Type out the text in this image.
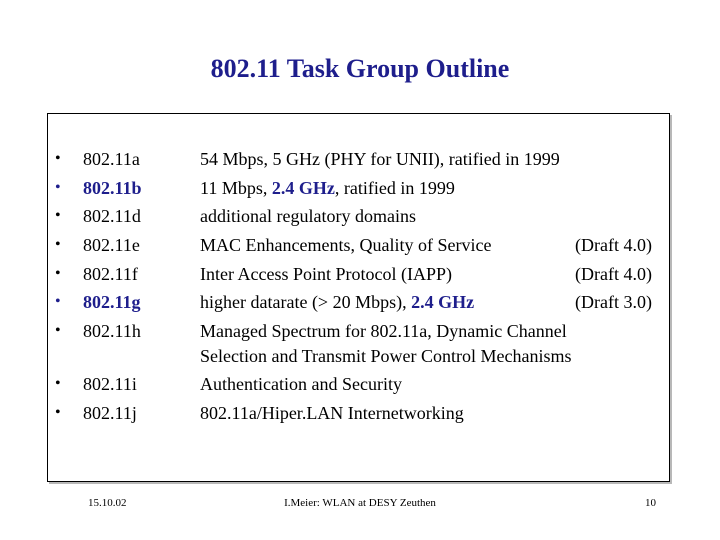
802.11 Task Group Outline
• 802.11a	54 Mbps, 5 GHz (PHY for UNII), ratified in 1999
• 802.11b	11 Mbps, 2.4 GHz, ratified in 1999
• 802.11d	additional regulatory domains
• 802.11e	MAC Enhancements, Quality of Service	(Draft 4.0)
• 802.11f	Inter Access Point Protocol (IAPP)	(Draft 4.0)
• 802.11g	higher datarate (> 20 Mbps), 2.4 GHz	(Draft 3.0)
• 802.11h	Managed Spectrum for 802.11a, Dynamic Channel
Selection and Transmit Power Control Mechanisms
• 802.11i	Authentication and Security
• 802.11j	802.11a/Hiper.LAN Internetworking
15.10.02	I.Meier: WLAN at DESY Zeuthen	10
